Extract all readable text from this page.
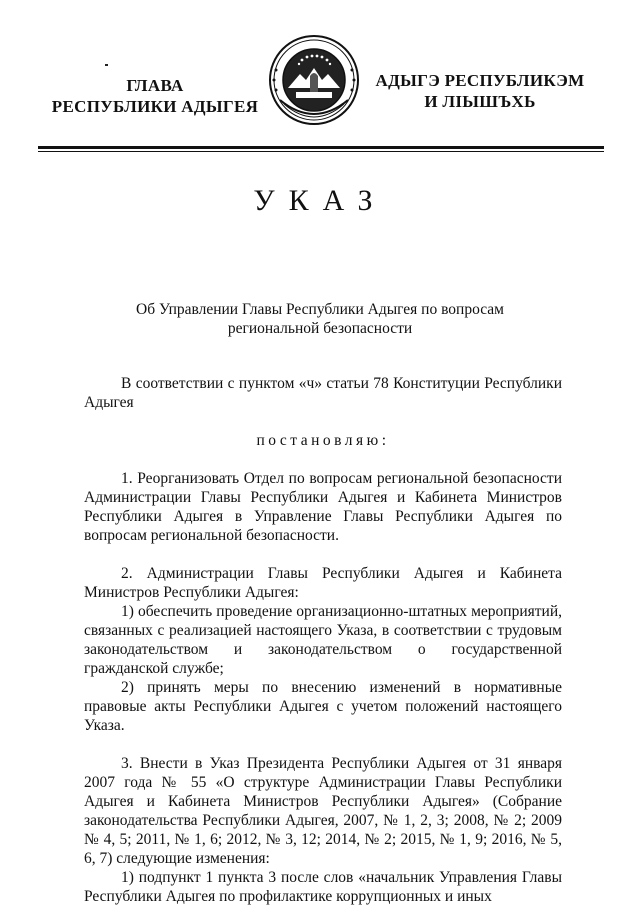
ГЛАВА
РЕСПУБЛИКИ АДЫГЕЯ
АДЫГЭ РЕСПУБЛИКЭМ
И ЛІЫШЪХЬ
УКАЗ
Об Управлении Главы Республики Адыгея по вопросам
региональной безопасности

В соответствии с пунктом «ч» статьи 78 Конституции Республики Адыгея

постановляю:

1. Реорганизовать Отдел по вопросам региональной безопасности Администрации Главы Республики Адыгея и Кабинета Министров Республики Адыгея в Управление Главы Республики Адыгея по вопросам региональной безопасности.

2. Администрации Главы Республики Адыгея и Кабинета Министров Республики Адыгея:

1) обеспечить проведение организационно-штатных мероприятий, связанных с реализацией настоящего Указа, в соответствии с трудовым законодательством и законодательством о государственной гражданской службе;

2) принять меры по внесению изменений в нормативные правовые акты Республики Адыгея с учетом положений настоящего Указа.

3. Внести в Указ Президента Республики Адыгея от 31 января 2007 года № 55 «О структуре Администрации Главы Республики Адыгея и Кабинета Министров Республики Адыгея» (Собрание законодательства Республики Адыгея, 2007, № 1, 2, 3; 2008, № 2; 2009 № 4, 5; 2011, № 1, 6; 2012, № 3, 12; 2014, № 2; 2015, № 1, 9; 2016, № 5, 6, 7) следующие изменения:

1) подпункт 1 пункта 3 после слов «начальник Управления Главы Республики Адыгея по профилактике коррупционных и иных
